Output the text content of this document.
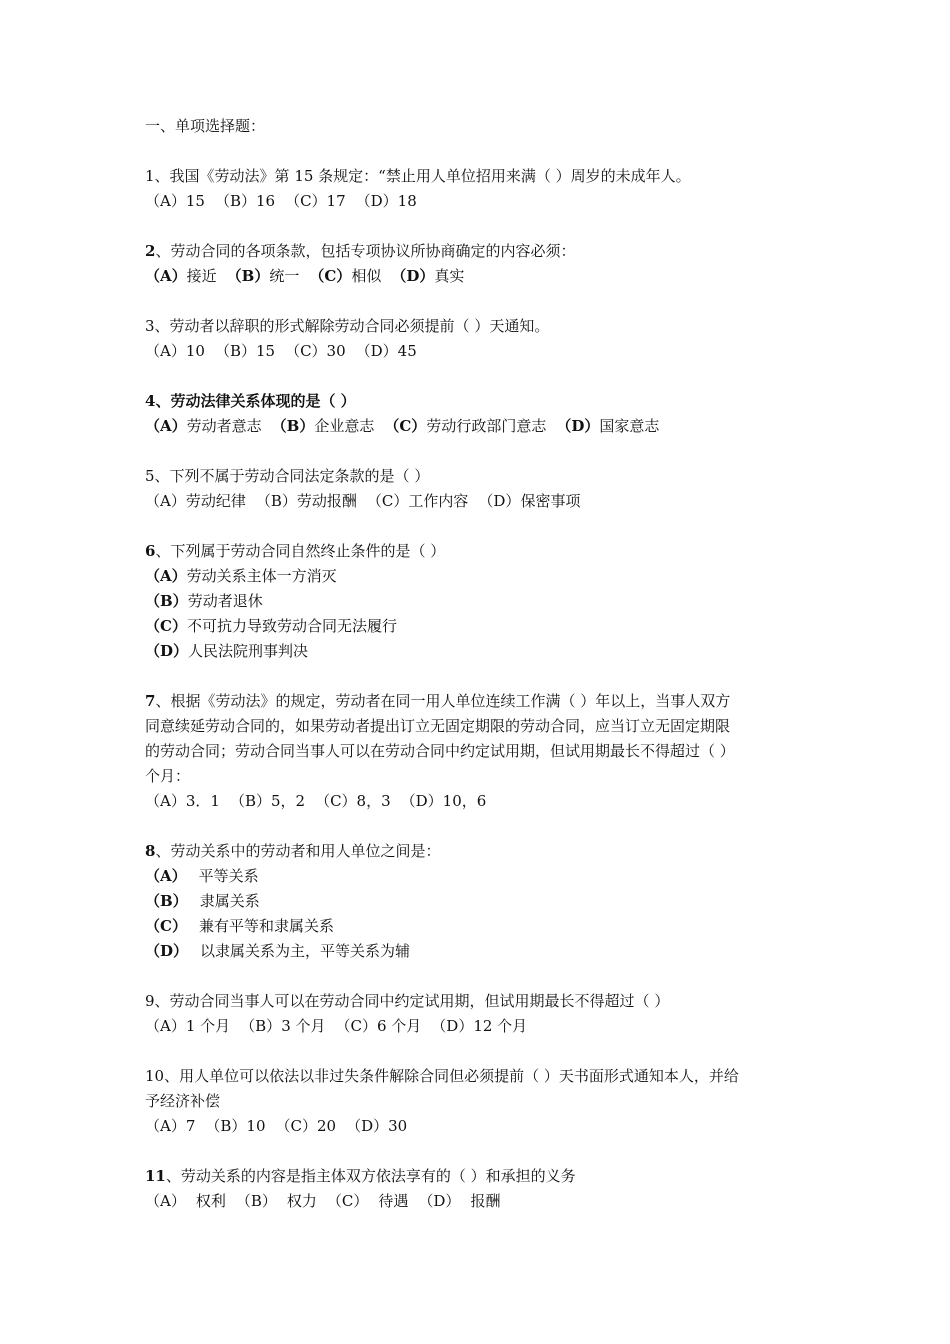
一、单项选择题：
1、我国《劳动法》第 15 条规定：“禁止用人单位招用来满（ ）周岁的未成年人。
（A）15 （B）16 （C）17 （D）18
2、劳动合同的各项条款，包括专项协议所协商确定的内容必须：
（A）接近 （B）统一 （C）相似 （D）真实
3、劳动者以辞职的形式解除劳动合同必须提前（ ）天通知。
（A）10 （B）15 （C）30 （D）45
4、劳动法律关系体现的是（ ）
（A）劳动者意志 （B）企业意志 （C）劳动行政部门意志 （D）国家意志
5、下列不属于劳动合同法定条款的是（ ）
（A）劳动纪律 （B）劳动报酬 （C）工作内容 （D）保密事项
6、下列属于劳动合同自然终止条件的是（ ）
（A）劳动关系主体一方消灭
（B）劳动者退休
（C）不可抗力导致劳动合同无法履行
（D）人民法院刑事判决
7、根据《劳动法》的规定，劳动者在同一用人单位连续工作满（ ）年以上，当事人双方
同意续延劳动合同的，如果劳动者提出订立无固定期限的劳动合同，应当订立无固定期限
的劳动合同；劳动合同当事人可以在劳动合同中约定试用期，但试用期最长不得超过（ ）
个月：
（A）3．1 （B）5，2 （C）8，3 （D）10，6
8、劳动关系中的劳动者和用人单位之间是：
（A） 平等关系
（B） 隶属关系
（C） 兼有平等和隶属关系
（D） 以隶属关系为主，平等关系为辅
9、劳动合同当事人可以在劳动合同中约定试用期，但试用期最长不得超过（ ）
（A）1 个月 （B）3 个月 （C）6 个月 （D）12 个月
10、用人单位可以依法以非过失条件解除合同但必须提前（ ）天书面形式通知本人，并给
予经济补偿
（A）7 （B）10 （C）20 （D）30
11、劳动关系的内容是指主体双方依法享有的（ ）和承担的义务
（A） 权利 （B） 权力 （C） 待遇 （D） 报酬
